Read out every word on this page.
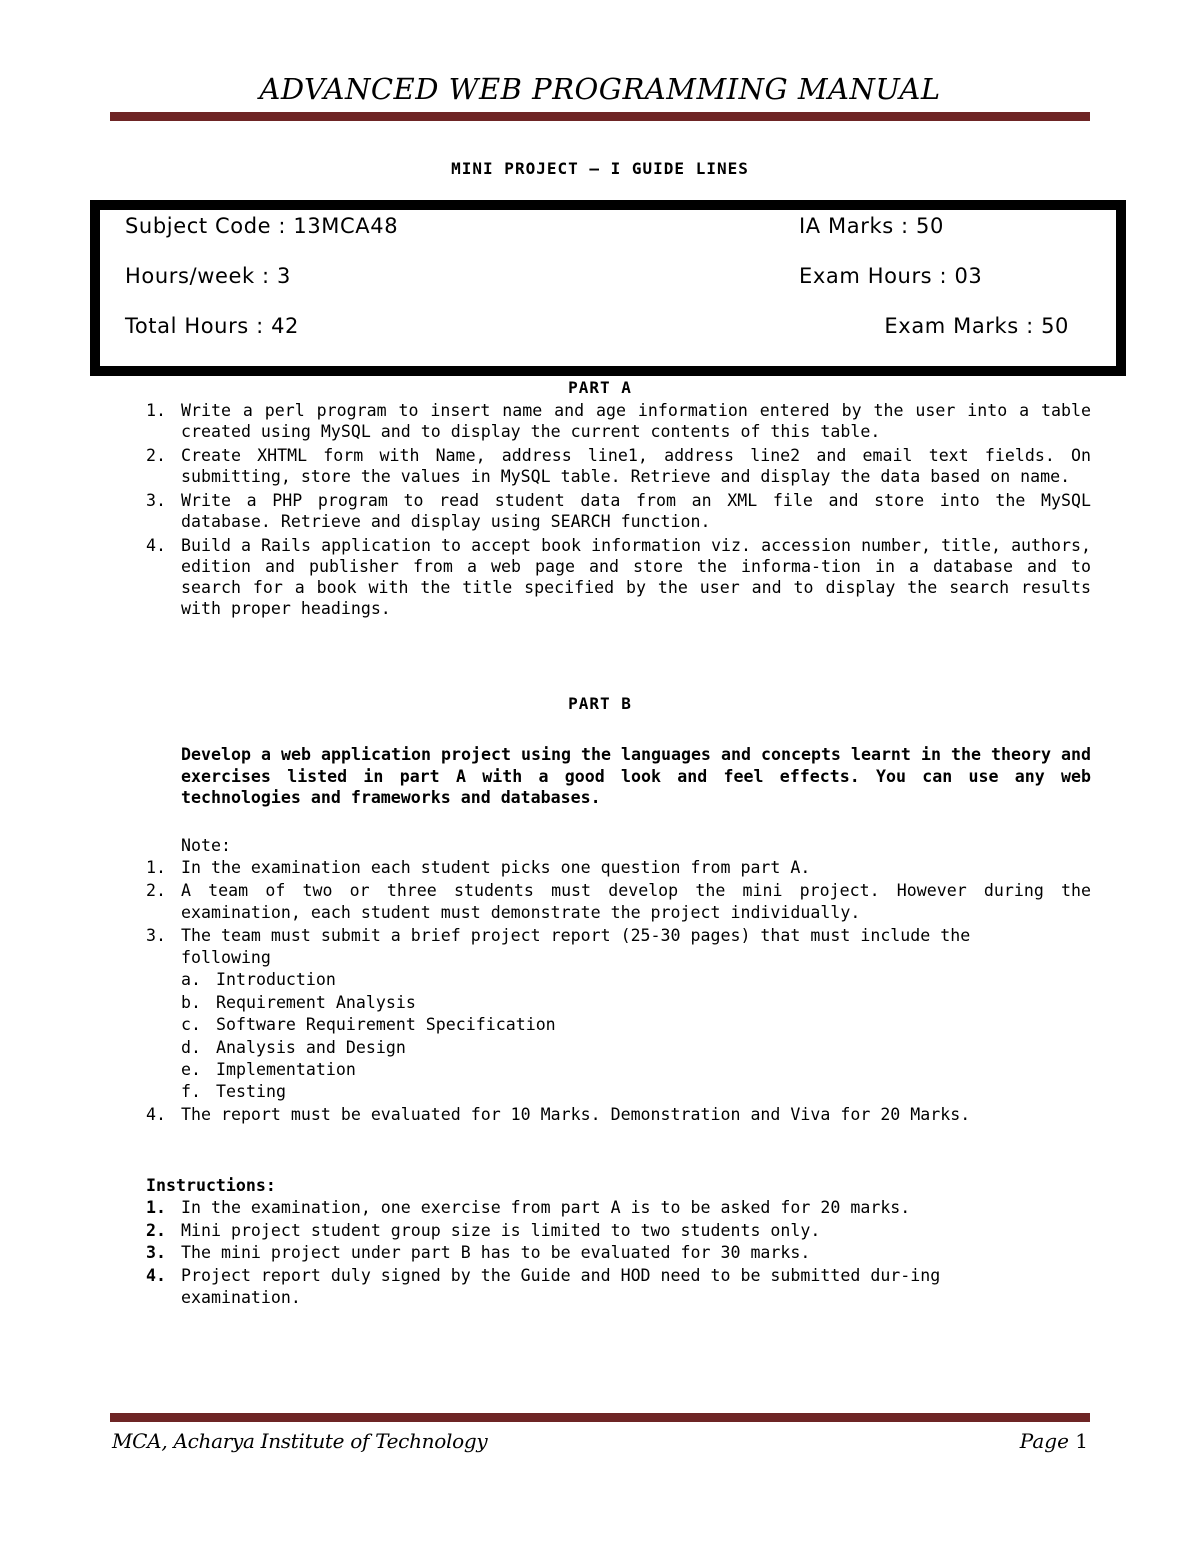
ADVANCED WEB PROGRAMMING MANUAL
MINI PROJECT – I GUIDE LINES
Subject Code : 13MCA48	IA Marks : 50
Hours/week : 3	Exam Hours : 03
Total Hours : 42	Exam Marks : 50
PART A
1. Write a perl program to insert name and age information entered by the user into a table created using MySQL and to display the current contents of this table.
2. Create XHTML form with Name, address line1, address line2 and email text fields. On submitting, store the values in MySQL table. Retrieve and display the data based on name.
3. Write a PHP program to read student data from an XML file and store into the MySQL database. Retrieve and display using SEARCH function.
4. Build a Rails application to accept book information viz. accession number, title, authors, edition and publisher from a web page and store the informa-tion in a database and to search for a book with the title specified by the user and to display the search results with proper headings.
PART B
Develop a web application project using the languages and concepts learnt in the theory and exercises listed in part A with a good look and feel effects. You can use any web technologies and frameworks and databases.
Note:
1. In the examination each student picks one question from part A.
2. A team of two or three students must develop the mini project. However during the examination, each student must demonstrate the project individually.
3. The team must submit a brief project report (25-30 pages) that must include the following
a. Introduction
b. Requirement Analysis
c. Software Requirement Specification
d. Analysis and Design
e. Implementation
f. Testing
4. The report must be evaluated for 10 Marks. Demonstration and Viva for 20 Marks.
Instructions:
1. In the examination, one exercise from part A is to be asked for 20 marks.
2. Mini project student group size is limited to two students only.
3. The mini project under part B has to be evaluated for 30 marks.
4. Project report duly signed by the Guide and HOD need to be submitted dur-ing examination.
MCA, Acharya Institute of Technology	Page 1
